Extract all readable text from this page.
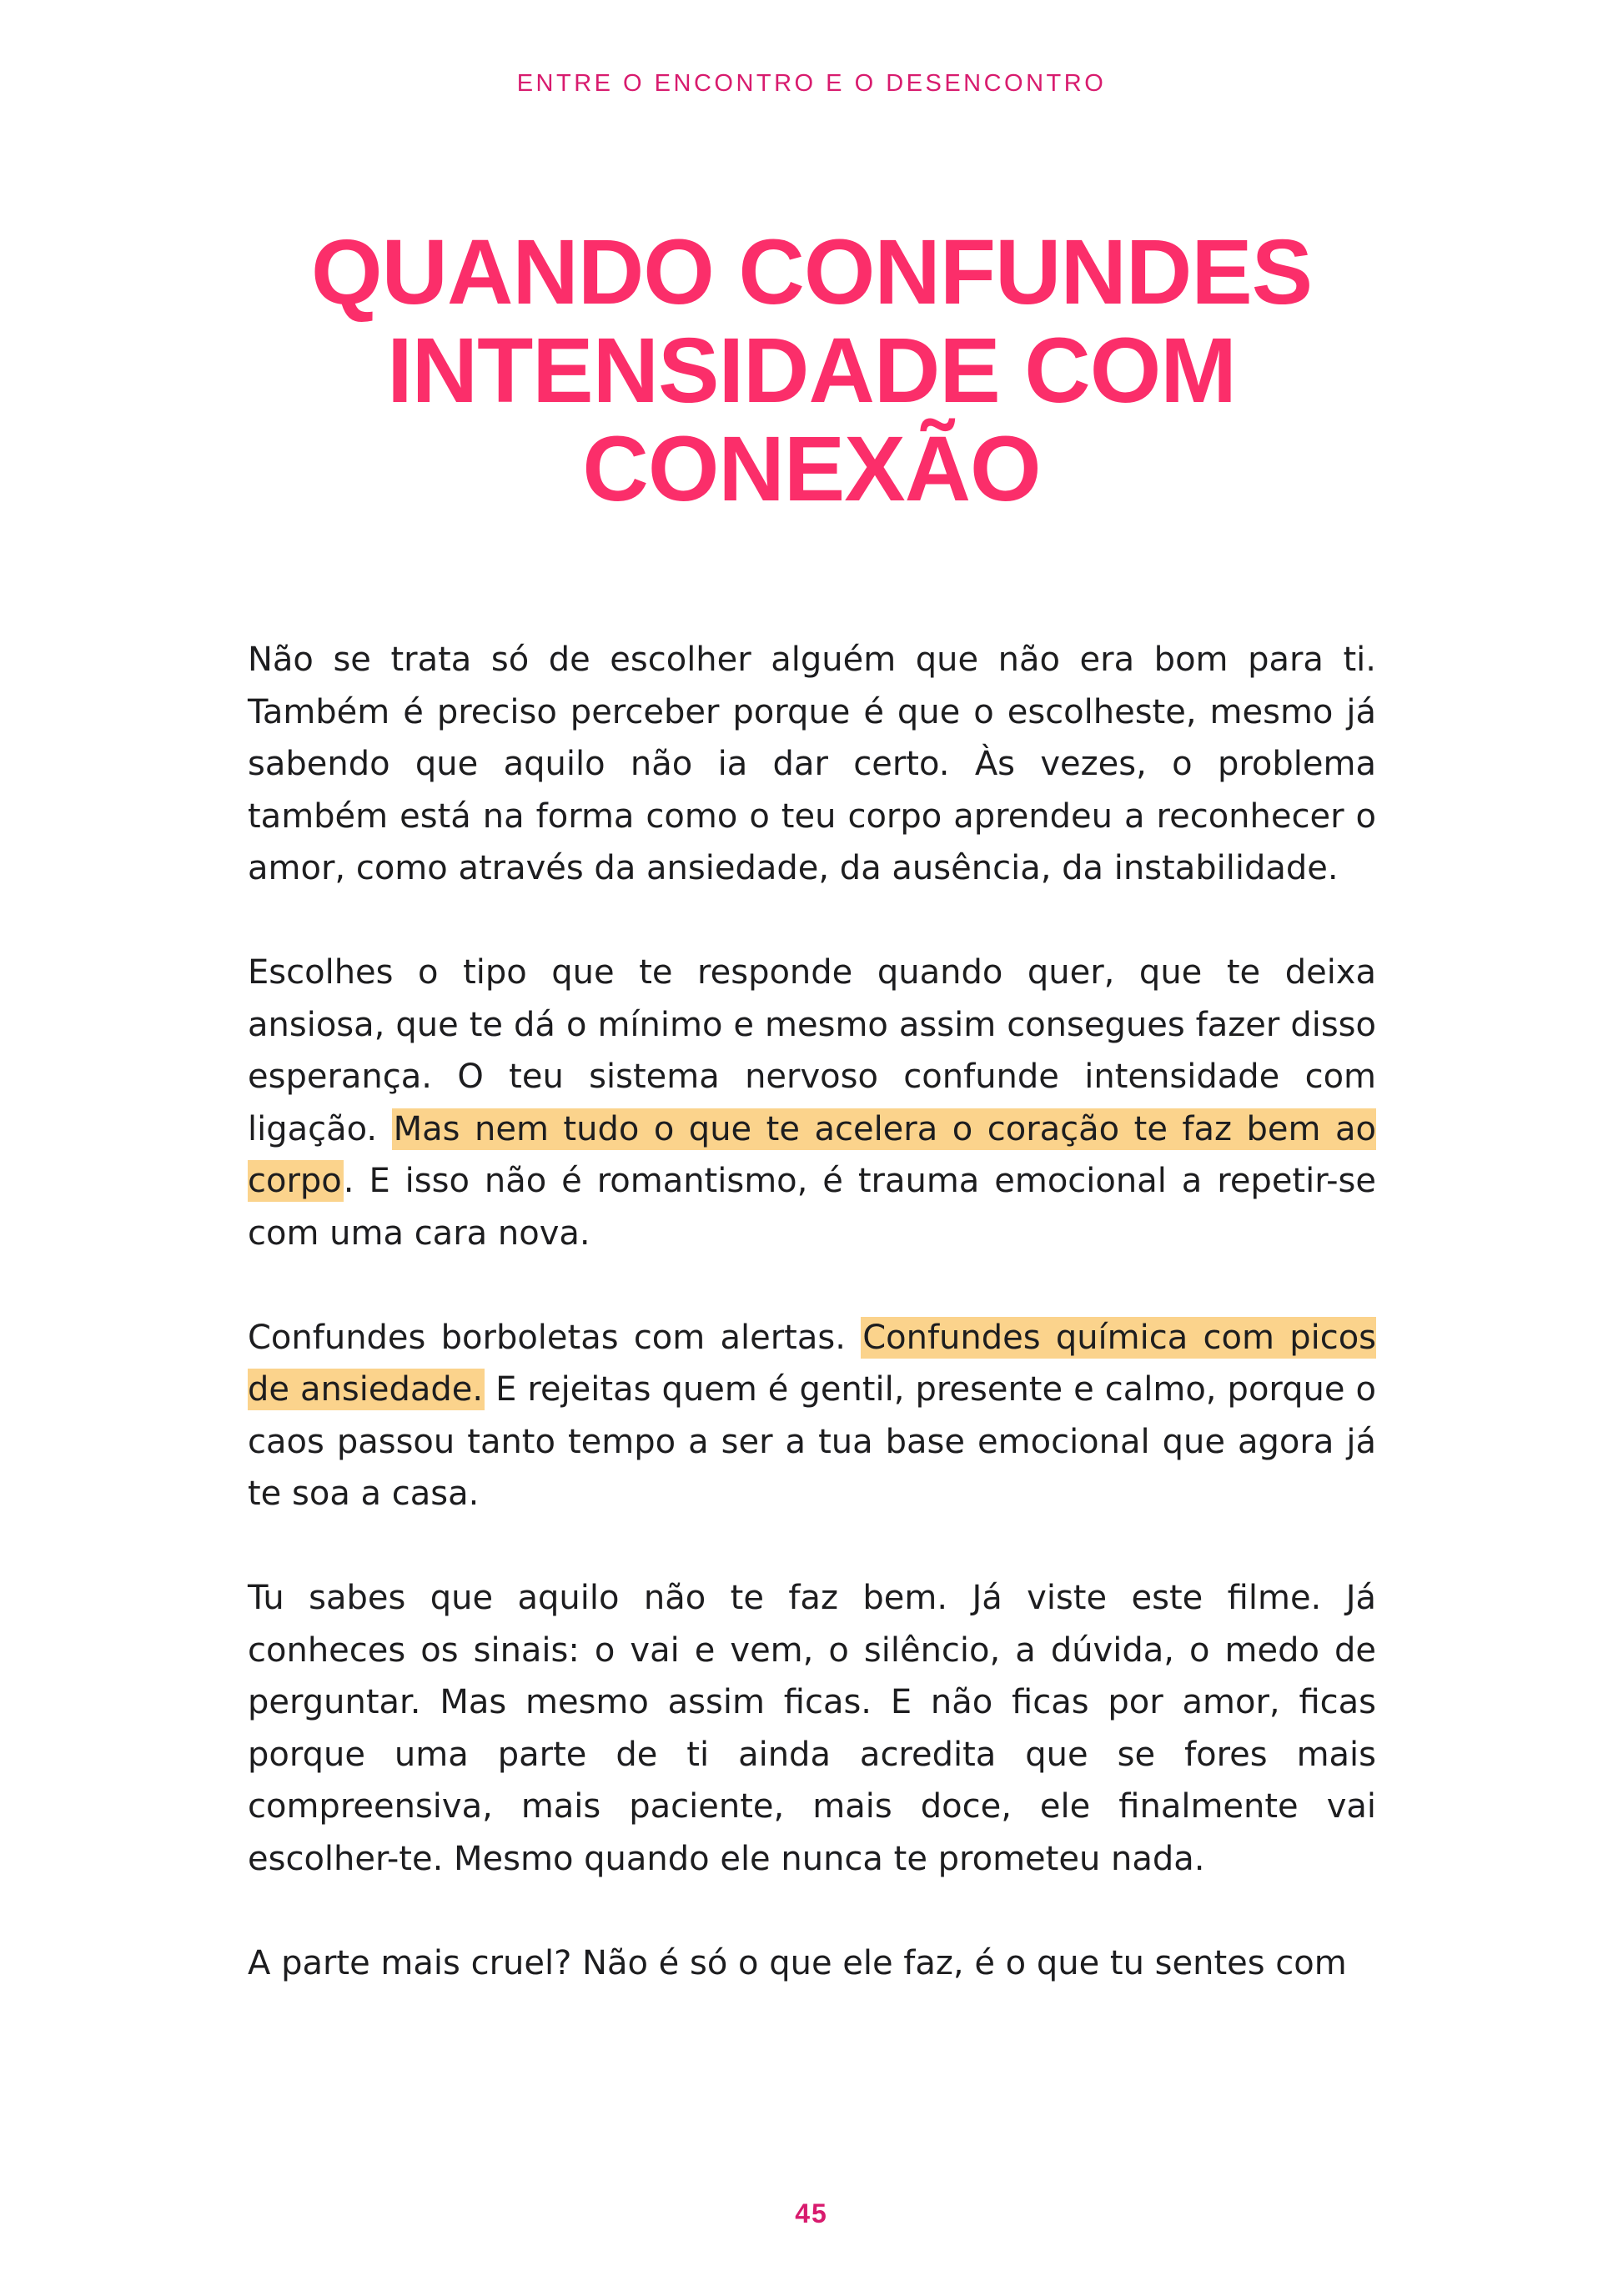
ENTRE O ENCONTRO E O DESENCONTRO
QUANDO CONFUNDES
INTENSIDADE COM
CONEXÃO

Não se trata só de escolher alguém que não era bom para ti. Também é preciso perceber porque é que o escolheste, mesmo já sabendo que aquilo não ia dar certo. Às vezes, o problema também está na forma como o teu corpo aprendeu a reconhecer o amor, como através da ansiedade, da ausência, da instabilidade.

Escolhes o tipo que te responde quando quer, que te deixa ansiosa, que te dá o mínimo e mesmo assim consegues fazer disso esperança. O teu sistema nervoso confunde intensidade com ligação. Mas nem tudo o que te acelera o coração te faz bem ao corpo. E isso não é romantismo, é trauma emocional a repetir-se com uma cara nova.

Confundes borboletas com alertas. Confundes química com picos de ansiedade. E rejeitas quem é gentil, presente e calmo, porque o caos passou tanto tempo a ser a tua base emocional que agora já te soa a casa.

Tu sabes que aquilo não te faz bem. Já viste este filme. Já conheces os sinais: o vai e vem, o silêncio, a dúvida, o medo de perguntar. Mas mesmo assim ficas. E não ficas por amor, ficas porque uma parte de ti ainda acredita que se fores mais compreensiva, mais paciente, mais doce, ele finalmente vai escolher-te. Mesmo quando ele nunca te prometeu nada.

A parte mais cruel? Não é só o que ele faz, é o que tu sentes com

45
